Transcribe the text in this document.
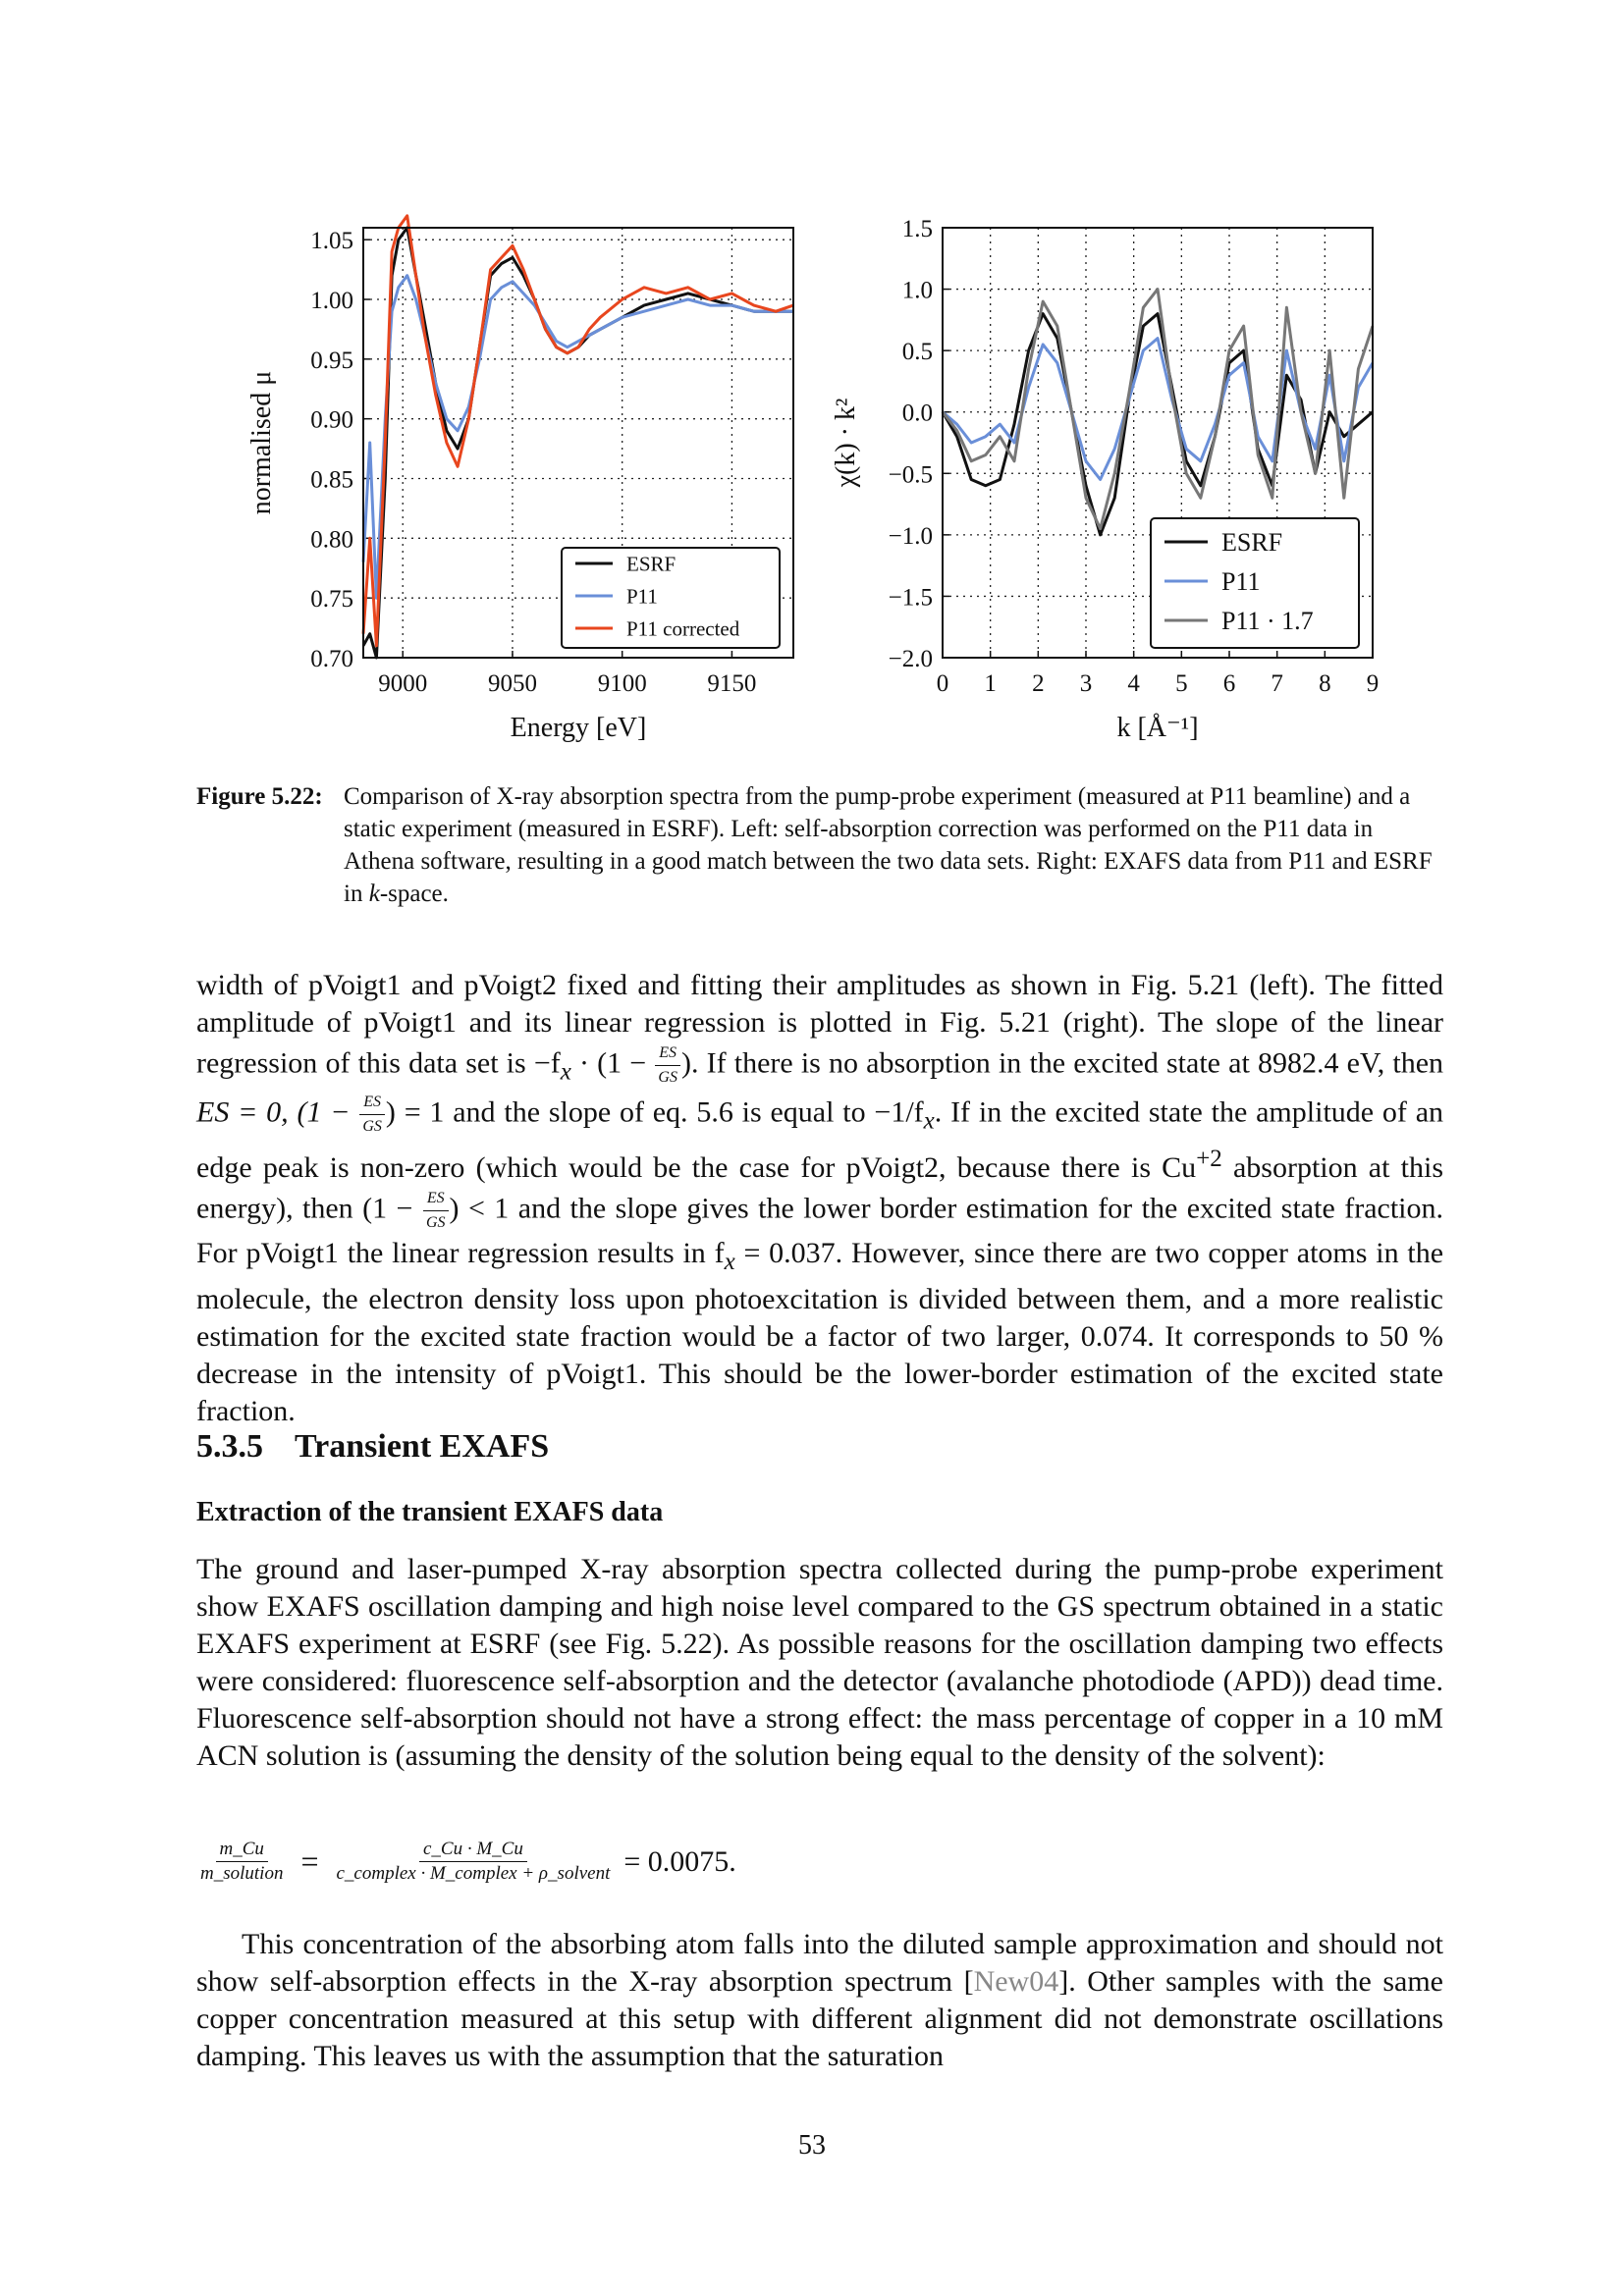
9000 9050 9100 9150
1.05
1.00
0.95
0.90
0.85
0.80
0.75
0.70
Energy [eV]
normalised μ
ESRF
P11
P11 corrected
0 1 2 3 4 5 6 7 8 9
1.5
1.0
0.5
0.0
−0.5
−1.0
−1.5
−2.0
k [Å⁻¹]
χ(k) · k²
ESRF
P11
P11 · 1.7
Figure 5.22: Comparison of X-ray absorption spectra from the pump-probe experiment (measured at P11 beamline) and a static experiment (measured in ESRF). Left: self-absorption correction was performed on the P11 data in Athena software, resulting in a good match between the two data sets. Right: EXAFS data from P11 and ESRF in k-space.
width of pVoigt1 and pVoigt2 fixed and fitting their amplitudes as shown in Fig. 5.21 (left). The fitted amplitude of pVoigt1 and its linear regression is plotted in Fig. 5.21 (right). The slope of the linear regression of this data set is $-f_x \cdot (1 - \frac{ES}{GS}$ ). If there is no absorption in the excited state at 8982.4 eV, then ES = 0, ($1 - \frac{ES}{GS}$ ) = 1 and the slope of eq. 5.6 is equal to $-1/f_x$. If in the excited state the amplitude of an edge peak is non-zero (which would be the case for pVoigt2, because there is $Cu^{+2}$ absorption at this energy), then ($1 - \frac{ES}{GS}$ ) < 1 and the slope gives the lower border estimation for the excited state fraction. For pVoigt1 the linear regression results in $f_x = 0.037$. However, since there are two copper atoms in the molecule, the electron density loss upon photoexcitation is divided between them, and a more realistic estimation for the excited state fraction would be a factor of two larger, 0.074. It corresponds to 50 % decrease in the intensity of pVoigt1. This should be the lower-border estimation of the excited state fraction.
5.3.5 Transient EXAFS
Extraction of the transient EXAFS data
The ground and laser-pumped X-ray absorption spectra collected during the pump-probe experiment show EXAFS oscillation damping and high noise level compared to the GS spectrum obtained in a static EXAFS experiment at ESRF (see Fig. 5.22). As possible reasons for the oscillation damping two effects were considered: fluorescence self-absorption and the detector (avalanche photodiode (APD)) dead time. Fluorescence self-absorption should not have a strong effect: the mass percentage of copper in a 10 mM ACN solution is (assuming the density of the solution being equal to the density of the solvent):
$\frac{m\_Cu}{\text{m\_solution}} = \frac{c\_Cu \cdot M\_Cu}{\text{c\_complex · M\_complex + ρ\_solvent}} = 0.0075$.
This concentration of the absorbing atom falls into the diluted sample approximation and should not show self-absorption effects in the X-ray absorption spectrum [New04]. Other samples with the same copper concentration measured at this setup with different alignment did not demonstrate oscillations damping. This leaves us with the assumption that the saturation
53
